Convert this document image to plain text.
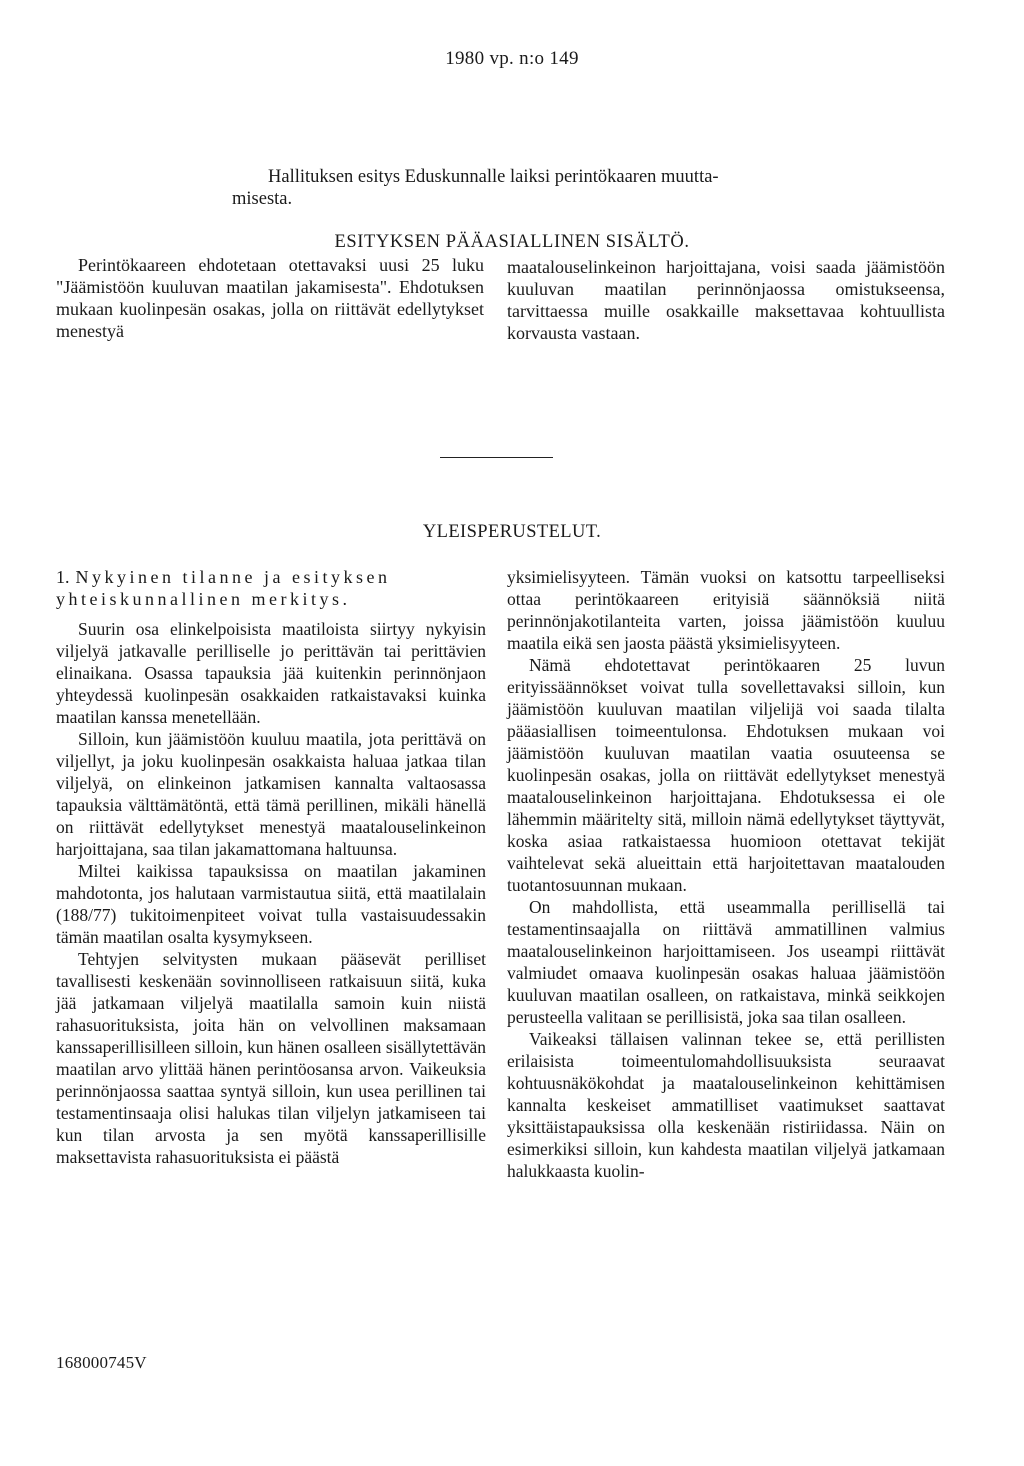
1980 vp. n:o 149
Hallituksen esitys Eduskunnalle laiksi perintökaaren muutta-
misesta.
ESITYKSEN PÄÄASIALLINEN SISÄLTÖ.

Perintökaareen ehdotetaan otettavaksi uusi 25 luku "Jäämistöön kuuluvan maatilan jakamisesta". Ehdotuksen mukaan kuolinpesän osakas, jolla on riittävät edellytykset menestyä

maatalouselinkeinon harjoittajana, voisi saada jäämistöön kuuluvan maatilan perinnönjaossa omistukseensa, tarvittaessa muille osakkaille maksettavaa kohtuullista korvausta vastaan.

YLEISPERUSTELUT.

1. Nykyinen tilanne ja esityksen yhteiskunnallinen merkitys.

Suurin osa elinkelpoisista maatiloista siirtyy nykyisin viljelyä jatkavalle perilliselle jo perittävän tai perittävien elinaikana. Osassa tapauksia jää kuitenkin perinnönjaon yhteydessä kuolinpesän osakkaiden ratkaistavaksi kuinka maatilan kanssa menetellään.

Silloin, kun jäämistöön kuuluu maatila, jota perittävä on viljellyt, ja joku kuolinpesän osakkaista haluaa jatkaa tilan viljelyä, on elinkeinon jatkamisen kannalta valtaosassa tapauksia välttämätöntä, että tämä perillinen, mikäli hänellä on riittävät edellytykset menestyä maatalouselinkeinon harjoittajana, saa tilan jakamattomana haltuunsa.

Miltei kaikissa tapauksissa on maatilan jakaminen mahdotonta, jos halutaan varmistautua siitä, että maatilalain (188/77) tukitoimenpiteet voivat tulla vastaisuudessakin tämän maatilan osalta kysymykseen.

Tehtyjen selvitysten mukaan pääsevät perilliset tavallisesti keskenään sovinnolliseen ratkaisuun siitä, kuka jää jatkamaan viljelyä maatilalla samoin kuin niistä rahasuorituksista, joita hän on velvollinen maksamaan kanssaperillisilleen silloin, kun hänen osalleen sisällytettävän maatilan arvo ylittää hänen perintöosansa arvon. Vaikeuksia perinnönjaossa saattaa syntyä silloin, kun usea perillinen tai testamentinsaaja olisi halukas tilan viljelyn jatkamiseen tai kun tilan arvosta ja sen myötä kanssaperillisille maksettavista rahasuorituksista ei päästä

yksimielisyyteen. Tämän vuoksi on katsottu tarpeelliseksi ottaa perintökaareen erityisiä säännöksiä niitä perinnönjakotilanteita varten, joissa jäämistöön kuuluu maatila eikä sen jaosta päästä yksimielisyyteen.

Nämä ehdotettavat perintökaaren 25 luvun erityissäännökset voivat tulla sovellettavaksi silloin, kun jäämistöön kuuluvan maatilan viljelijä voi saada tilalta pääasiallisen toimeentulonsa. Ehdotuksen mukaan voi jäämistöön kuuluvan maatilan vaatia osuuteensa se kuolinpesän osakas, jolla on riittävät edellytykset menestyä maatalouselinkeinon harjoittajana. Ehdotuksessa ei ole lähemmin määritelty sitä, milloin nämä edellytykset täyttyvät, koska asiaa ratkaistaessa huomioon otettavat tekijät vaihtelevat sekä alueittain että harjoitettavan maatalouden tuotantosuunnan mukaan.

On mahdollista, että useammalla perillisellä tai testamentinsaajalla on riittävä ammatillinen valmius maatalouselinkeinon harjoittamiseen. Jos useampi riittävät valmiudet omaava kuolinpesän osakas haluaa jäämistöön kuuluvan maatilan osalleen, on ratkaistava, minkä seikkojen perusteella valitaan se perillisistä, joka saa tilan osalleen.

Vaikeaksi tällaisen valinnan tekee se, että perillisten erilaisista toimeentulomahdollisuuksista seuraavat kohtuusnäkökohdat ja maatalouselinkeinon kehittämisen kannalta keskeiset ammatilliset vaatimukset saattavat yksittäistapauksissa olla keskenään ristiriidassa. Näin on esimerkiksi silloin, kun kahdesta maatilan viljelyä jatkamaan halukkaasta kuolin-

168000745V
